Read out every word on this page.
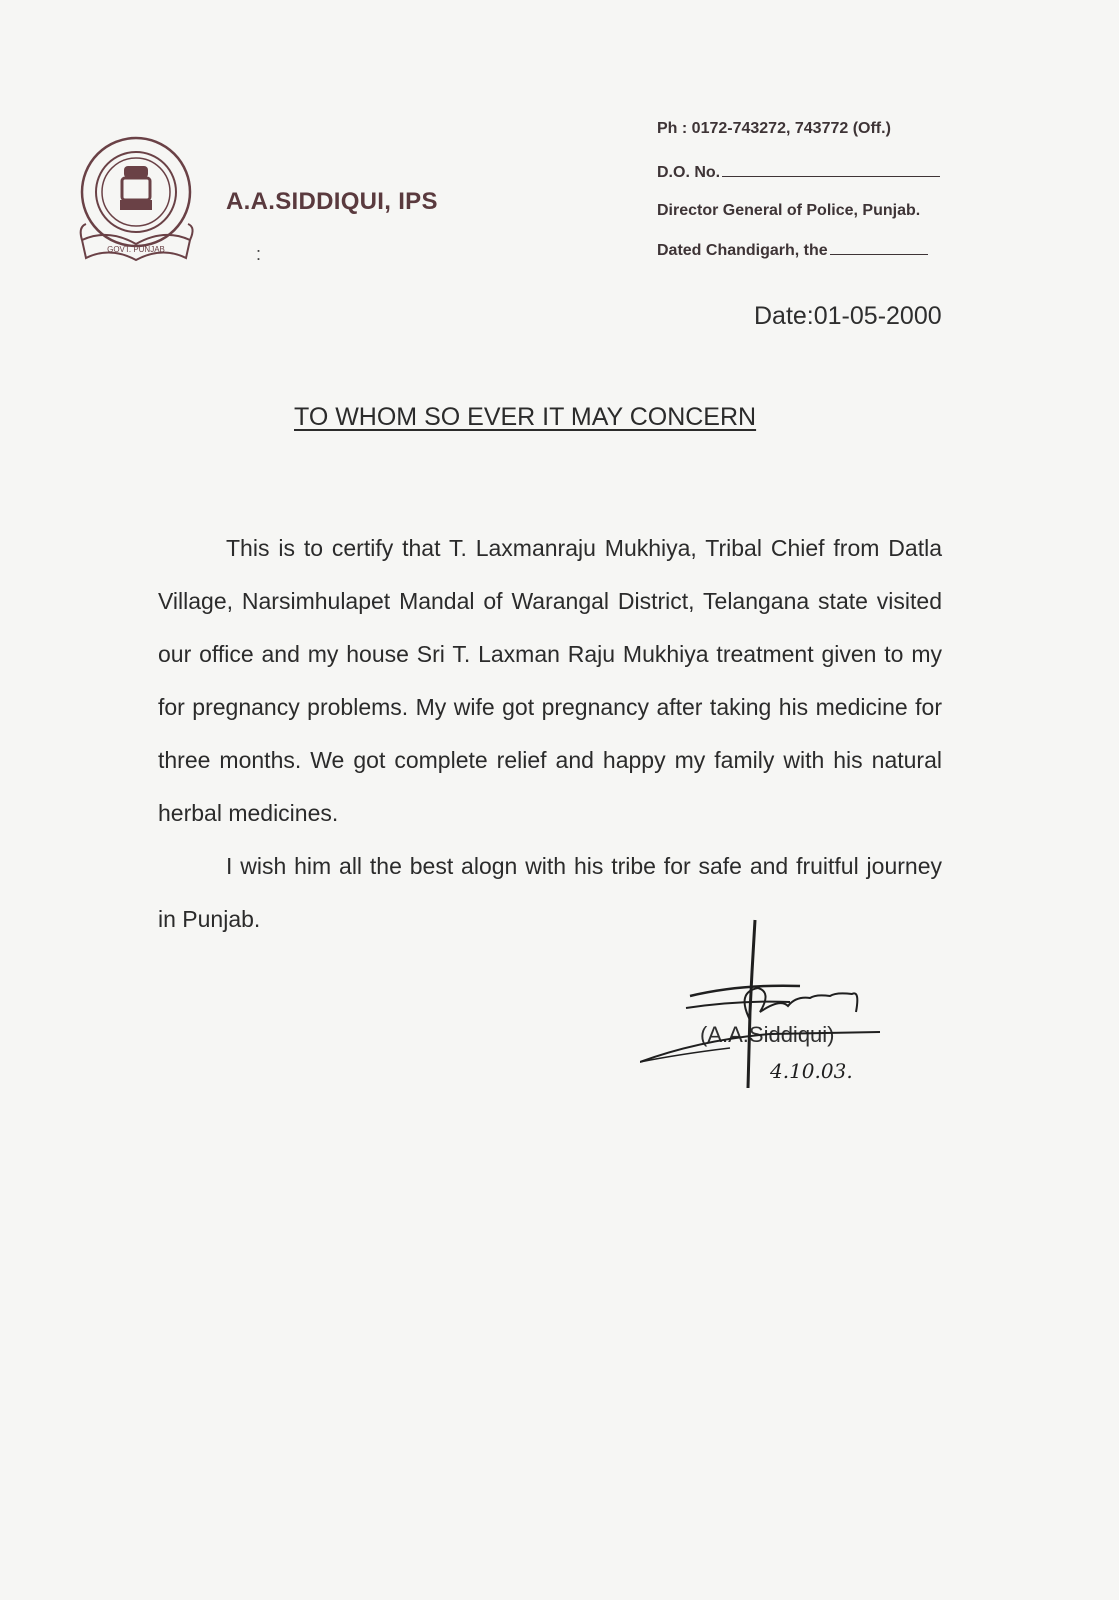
GOVT. PUNJAB
A.A.SIDDIQUI, IPS
:
Ph : 0172-743272, 743772 (Off.)
D.O. No.
Director General of Police, Punjab.
Dated Chandigarh, the
Date:01-05-2000
TO WHOM SO EVER IT MAY CONCERN

This is to certify that T. Laxmanraju Mukhiya, Tribal Chief from Datla Village, Narsimhulapet Mandal of Warangal District, Telangana state visited our office and my house Sri T. Laxman Raju Mukhiya treatment given to my for pregnancy problems. My wife got pregnancy after taking his medicine for three months. We got complete relief and happy my family with his natural herbal medicines.

I wish him all the best alogn with his tribe for safe and fruitful journey in Punjab.

(A.A.Siddiqui)
4.10.03.
